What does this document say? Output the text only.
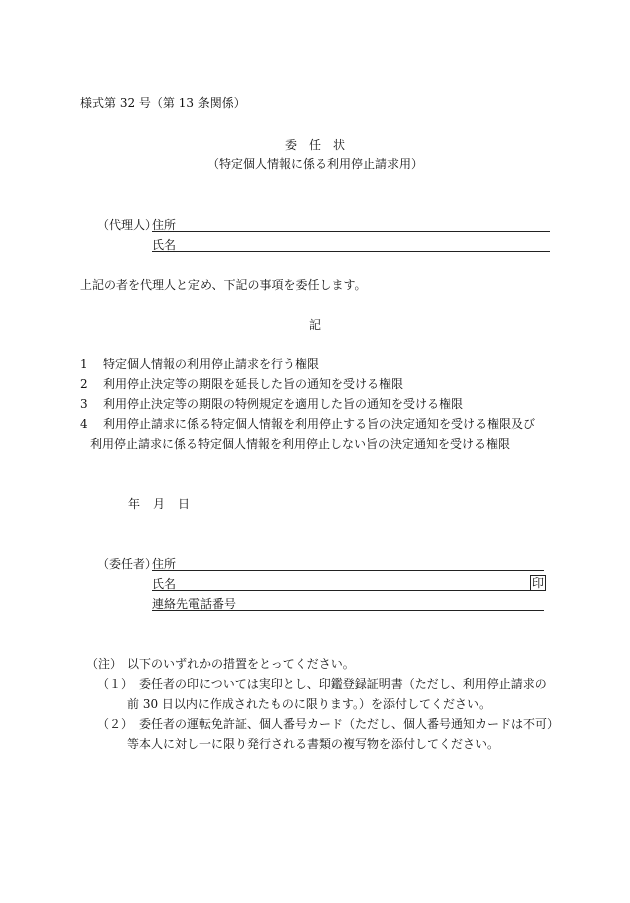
様式第 32 号（第 13 条関係）
委　任　状
（特定個人情報に係る利用停止請求用）
（代理人）
住所
氏名
上記の者を代理人と定め、下記の事項を委任します。
記
1 特定個人情報の利用停止請求を行う権限
2 利用停止決定等の期限を延長した旨の通知を受ける権限
3 利用停止決定等の期限の特例規定を適用した旨の通知を受ける権限
4 利用停止請求に係る特定個人情報を利用停止する旨の決定通知を受ける権限及び
利用停止請求に係る特定個人情報を利用停止しない旨の決定通知を受ける権限
年 月 日
（委任者）
住所
氏名	印
連絡先電話番号
（注） 以下のいずれかの措置をとってください。
（１） 委任者の印については実印とし、印鑑登録証明書（ただし、利用停止請求の
前 30 日以内に作成されたものに限ります。）を添付してください。
（２） 委任者の運転免許証、個人番号カード（ただし、個人番号通知カードは不可）
等本人に対し一に限り発行される書類の複写物を添付してください。
